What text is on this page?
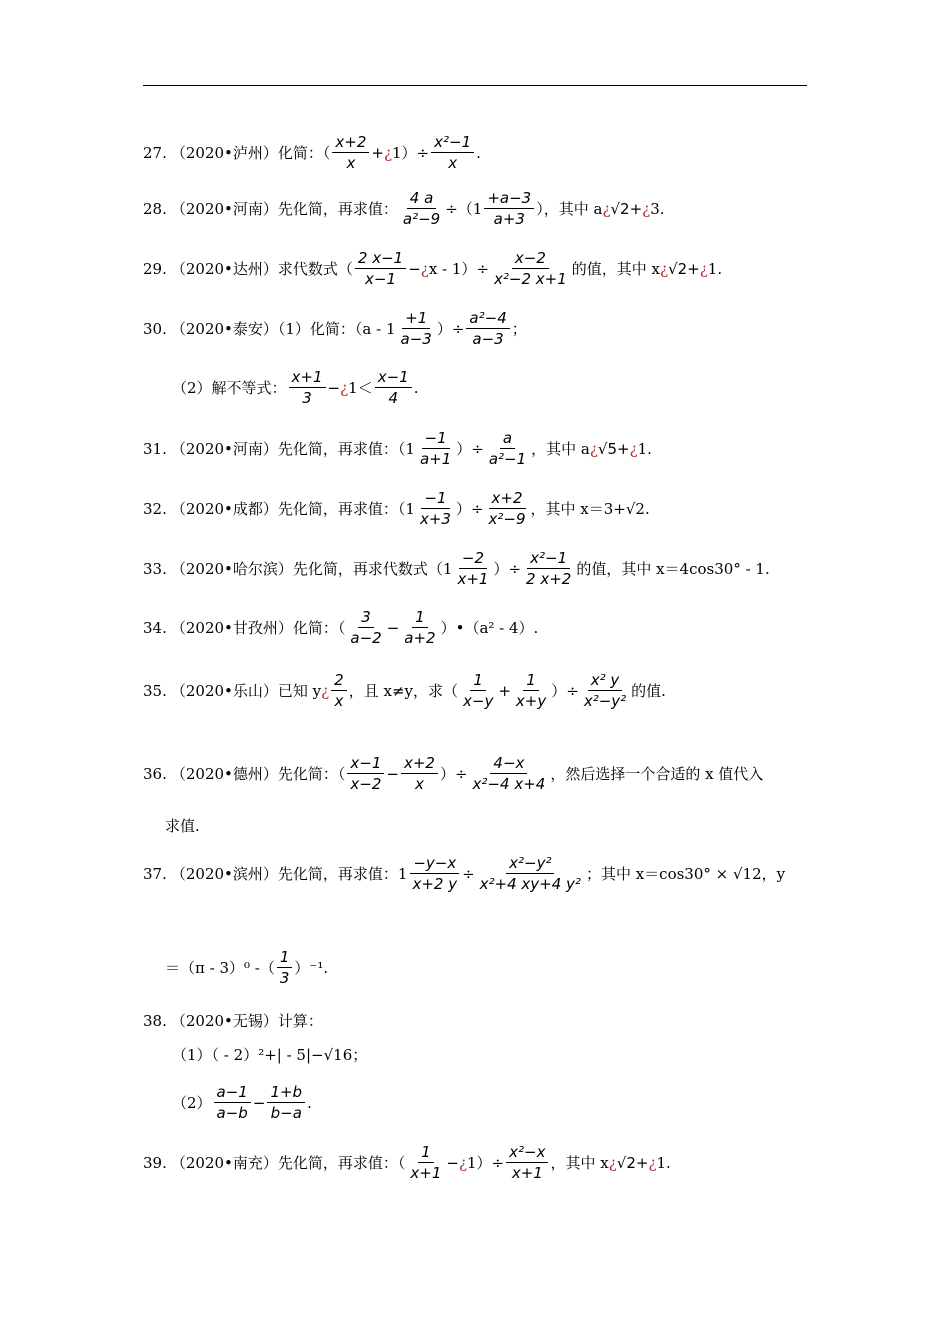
27. （2020•泸州）化简：（ $\frac{x+2}{x}$ + ¿ $1)\div \frac{\text{x²−1}}{x}$ .
28. （2020•河南）先化简，再求值： $\frac{4 a}{\text{a²−9}} \div(1 \frac{+a-3}{a+3}$ ），其中 a ¿ √2+ ¿ 3.
29. （2020•达州）求代数式（ $\frac{2 x-1}{x-1}$ − ¿ $x - 1)\div \frac{x-2}{\text{x²−2 x+1}}$ 的值，其中 x ¿ √2+ ¿ 1.
30. （2020•泰安）（1）化简：（$a - 1 \frac{+1}{a-3}$ ）÷ $\frac{\text{a²−4}}{a-3}$ ；
（2）解不等式： $\frac{x+1}{3}$ − ¿ $1< \frac{x-1}{4}$ .
31. （2020•河南）先化简，再求值：（$1 \frac{-1}{a+1}$ ）÷ $\frac{a}{\text{a²−1}}$ ，其中 a ¿ √5+ ¿ 1.
32. （2020•成都）先化简，再求值：（$1 \frac{-1}{x+3}$ ）÷ $\frac{x+2}{\text{x²−9}}$ ，其中 x＝3+√2.
33. （2020•哈尔滨）先化简，再求代数式（$1 \frac{-2}{x+1}$ ）÷ $\frac{\text{x²−1}}{2 x+2}$ 的值，其中 x＝4cos30° - 1.
34. （2020•甘孜州）化简：（ $\frac{3}{a-2} - \frac{1}{a+2}$ ）•（a² - 4）.
35. （2020•乐山）已知 y ¿ $\frac{2}{x}$ ，且 x≠y，求（ $\frac{1}{x-y} + \frac{1}{x+y}$ ）÷ $\frac{\text{x² y}}{\text{x²−y²}}$ 的值.
36. （2020•德州）先化简：（ $\frac{x-1}{x-2} - \frac{x+2}{x}$ ）÷ $\frac{4-x}{\text{x²−4 x+4}}$ ，然后选择一个合适的 x 值代入
求值.
37. （2020•滨州）先化简，再求值：$1 \frac{-y-x}{x+2 y} \div \frac{\text{x²−y²}}{\text{x²+4 xy+4 y²}}$ ；其中 x＝cos30° × √12，y
＝（π - 3）⁰ -（ $\frac{1}{3} )^{-1}$.
38. （2020•无锡）计算：
（1）（ - 2）²+| - 5|−√16；
$(2) \frac{a-1}{a-b} - \frac{1+b}{b-a}$ .
39. （2020•南充）先化简，再求值：（ $\frac{1}{x+1}$ − ¿ $1)\div \frac{\text{x²−x}}{x+1}$ ，其中 x ¿ √2+ ¿ 1.
